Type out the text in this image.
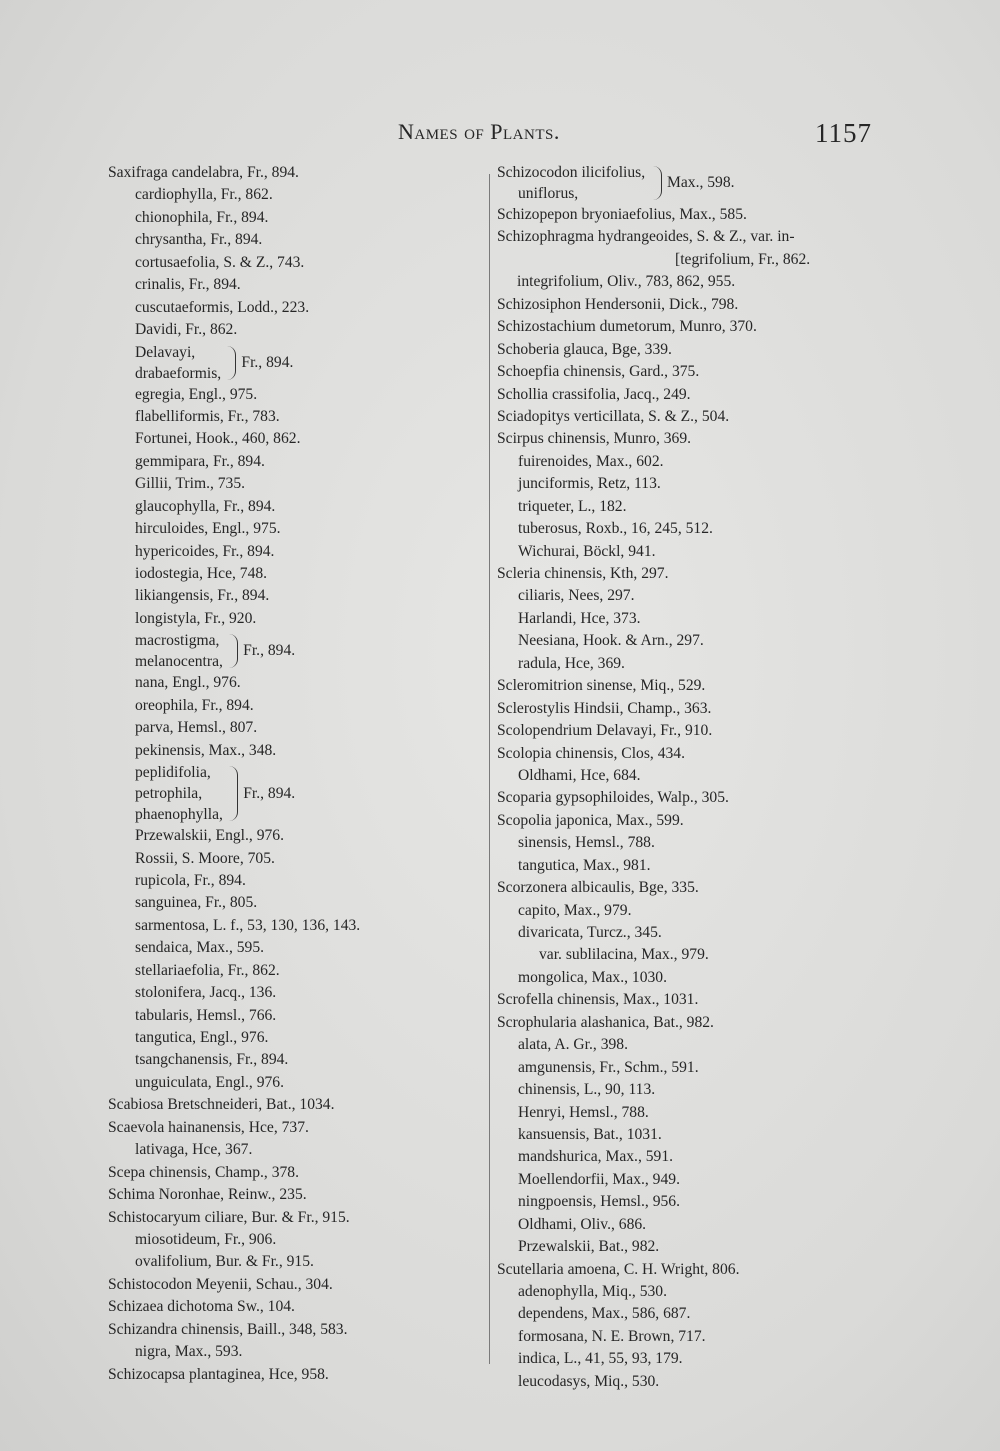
Names of Plants.	1157
Saxifraga candelabra, Fr., 894.
cardiophylla, Fr., 862.
chionophila, Fr., 894.
chrysantha, Fr., 894.
cortusaefolia, S. & Z., 743.
crinalis, Fr., 894.
cuscutaeformis, Lodd., 223.
Davidi, Fr., 862.
Delavayi,
drabaeformis,
Fr., 894.
egregia, Engl., 975.
flabelliformis, Fr., 783.
Fortunei, Hook., 460, 862.
gemmipara, Fr., 894.
Gillii, Trim., 735.
glaucophylla, Fr., 894.
hirculoides, Engl., 975.
hypericoides, Fr., 894.
iodostegia, Hce, 748.
likiangensis, Fr., 894.
longistyla, Fr., 920.
macrostigma,
melanocentra,
Fr., 894.
nana, Engl., 976.
oreophila, Fr., 894.
parva, Hemsl., 807.
pekinensis, Max., 348.
peplidifolia,
petrophila,
phaenophylla,
Fr., 894.
Przewalskii, Engl., 976.
Rossii, S. Moore, 705.
rupicola, Fr., 894.
sanguinea, Fr., 805.
sarmentosa, L. f., 53, 130, 136, 143.
sendaica, Max., 595.
stellariaefolia, Fr., 862.
stolonifera, Jacq., 136.
tabularis, Hemsl., 766.
tangutica, Engl., 976.
tsangchanensis, Fr., 894.
unguiculata, Engl., 976.
Scabiosa Bretschneideri, Bat., 1034.
Scaevola hainanensis, Hce, 737.
lativaga, Hce, 367.
Scepa chinensis, Champ., 378.
Schima Noronhae, Reinw., 235.
Schistocaryum ciliare, Bur. & Fr., 915.
miosotideum, Fr., 906.
ovalifolium, Bur. & Fr., 915.
Schistocodon Meyenii, Schau., 304.
Schizaea dichotoma Sw., 104.
Schizandra chinensis, Baill., 348, 583.
nigra, Max., 593.
Schizocapsa plantaginea, Hce, 958.
Schizocodon ilicifolius,
uniflorus,
Max., 598.
Schizopepon bryoniaefolius, Max., 585.
Schizophragma hydrangeoides, S. & Z., var. in-
[tegrifolium, Fr., 862.
integrifolium, Oliv., 783, 862, 955.
Schizosiphon Hendersonii, Dick., 798.
Schizostachium dumetorum, Munro, 370.
Schoberia glauca, Bge, 339.
Schoepfia chinensis, Gard., 375.
Schollia crassifolia, Jacq., 249.
Sciadopitys verticillata, S. & Z., 504.
Scirpus chinensis, Munro, 369.
fuirenoides, Max., 602.
junciformis, Retz, 113.
triqueter, L., 182.
tuberosus, Roxb., 16, 245, 512.
Wichurai, Böckl, 941.
Scleria chinensis, Kth, 297.
ciliaris, Nees, 297.
Harlandi, Hce, 373.
Neesiana, Hook. & Arn., 297.
radula, Hce, 369.
Scleromitrion sinense, Miq., 529.
Sclerostylis Hindsii, Champ., 363.
Scolopendrium Delavayi, Fr., 910.
Scolopia chinensis, Clos, 434.
Oldhami, Hce, 684.
Scoparia gypsophiloides, Walp., 305.
Scopolia japonica, Max., 599.
sinensis, Hemsl., 788.
tangutica, Max., 981.
Scorzonera albicaulis, Bge, 335.
capito, Max., 979.
divaricata, Turcz., 345.
var. sublilacina, Max., 979.
mongolica, Max., 1030.
Scrofella chinensis, Max., 1031.
Scrophularia alashanica, Bat., 982.
alata, A. Gr., 398.
amgunensis, Fr., Schm., 591.
chinensis, L., 90, 113.
Henryi, Hemsl., 788.
kansuensis, Bat., 1031.
mandshurica, Max., 591.
Moellendorfii, Max., 949.
ningpoensis, Hemsl., 956.
Oldhami, Oliv., 686.
Przewalskii, Bat., 982.
Scutellaria amoena, C. H. Wright, 806.
adenophylla, Miq., 530.
dependens, Max., 586, 687.
formosana, N. E. Brown, 717.
indica, L., 41, 55, 93, 179.
leucodasys, Miq., 530.
